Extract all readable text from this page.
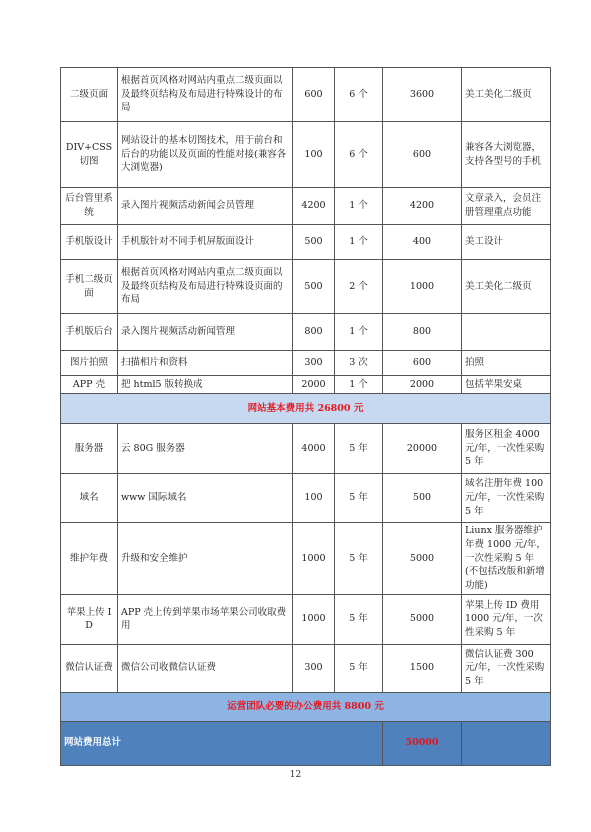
二级页面	根据首页风格对网站内重点二级页面以及最终页结构及布局进行特殊设计的布局	600	6 个	3600	美工美化二级页
DIV+CSS 切图	网站设计的基本切图技术，用于前台和后台的功能以及页面的性能对接(兼容各大浏览器)	100	6 个	600	兼容各大浏览器，支持各型号的手机
后台管里系统	录入图片视频活动新闻会员管理	4200	1 个	4200	文章录入，会员注册管理重点功能
手机版设计	手机版针对不同手机屏版面设计	500	1 个	400	美工设计
手机二级页面	根据首页风格对网站内重点二级页面以及最终页结构及布局进行特殊设页面的布局	500	2 个	1000	美工美化二级页
手机版后台	录入图片视频活动新闻管理	800	1 个	800	
图片拍照	扫描相片和资料	300	3 次	600	拍照
APP 壳	把 html5 版转换成	2000	1 个	2000	包括苹果安桌
网站基本费用共 26800 元					
服务器	云 80G 服务器	4000	5 年	20000	服务区租金 4000 元/年，一次性采购 5 年
域名	www 国际域名	100	5 年	500	域名注册年费 100 元/年，一次性采购 5 年
维护年费	升级和安全维护	1000	5 年	5000	Liunx 服务器维护年费 1000 元/年，一次性采购 5 年(不包括改版和新增功能)
苹果上传 ID	APP 壳上传到苹果市场苹果公司收取费用	1000	5 年	5000	苹果上传 ID 费用 1000 元/年，一次性采购 5 年
微信认证费	微信公司收微信认证费	300	5 年	1500	微信认证费 300 元/年，一次性采购 5 年
运营团队必要的办公费用共 8800 元					
网站费用总计				50000	
12
